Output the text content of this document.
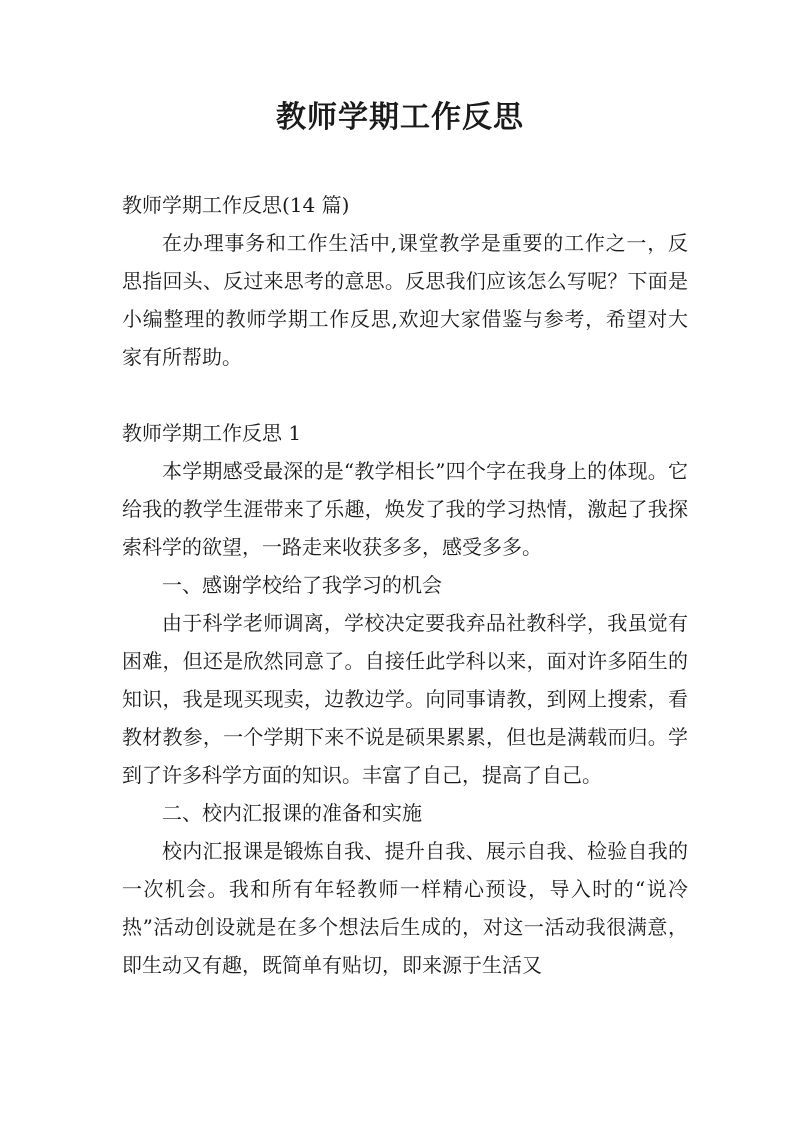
教师学期工作反思

教师学期工作反思(14 篇)

在办理事务和工作生活中,课堂教学是重要的工作之一，反思指回头、反过来思考的意思。反思我们应该怎么写呢？下面是小编整理的教师学期工作反思,欢迎大家借鉴与参考，希望对大家有所帮助。

教师学期工作反思 1

本学期感受最深的是“教学相长”四个字在我身上的体现。它给我的教学生涯带来了乐趣，焕发了我的学习热情，激起了我探索科学的欲望，一路走来收获多多，感受多多。

一、感谢学校给了我学习的机会

由于科学老师调离，学校决定要我弃品社教科学，我虽觉有困难，但还是欣然同意了。自接任此学科以来，面对许多陌生的知识，我是现买现卖，边教边学。向同事请教，到网上搜索，看教材教参，一个学期下来不说是硕果累累，但也是满载而归。学到了许多科学方面的知识。丰富了自己，提高了自己。

二、校内汇报课的准备和实施

校内汇报课是锻炼自我、提升自我、展示自我、检验自我的一次机会。我和所有年轻教师一样精心预设，导入时的“说冷热”活动创设就是在多个想法后生成的，对这一活动我很满意，即生动又有趣，既简单有贴切，即来源于生活又
